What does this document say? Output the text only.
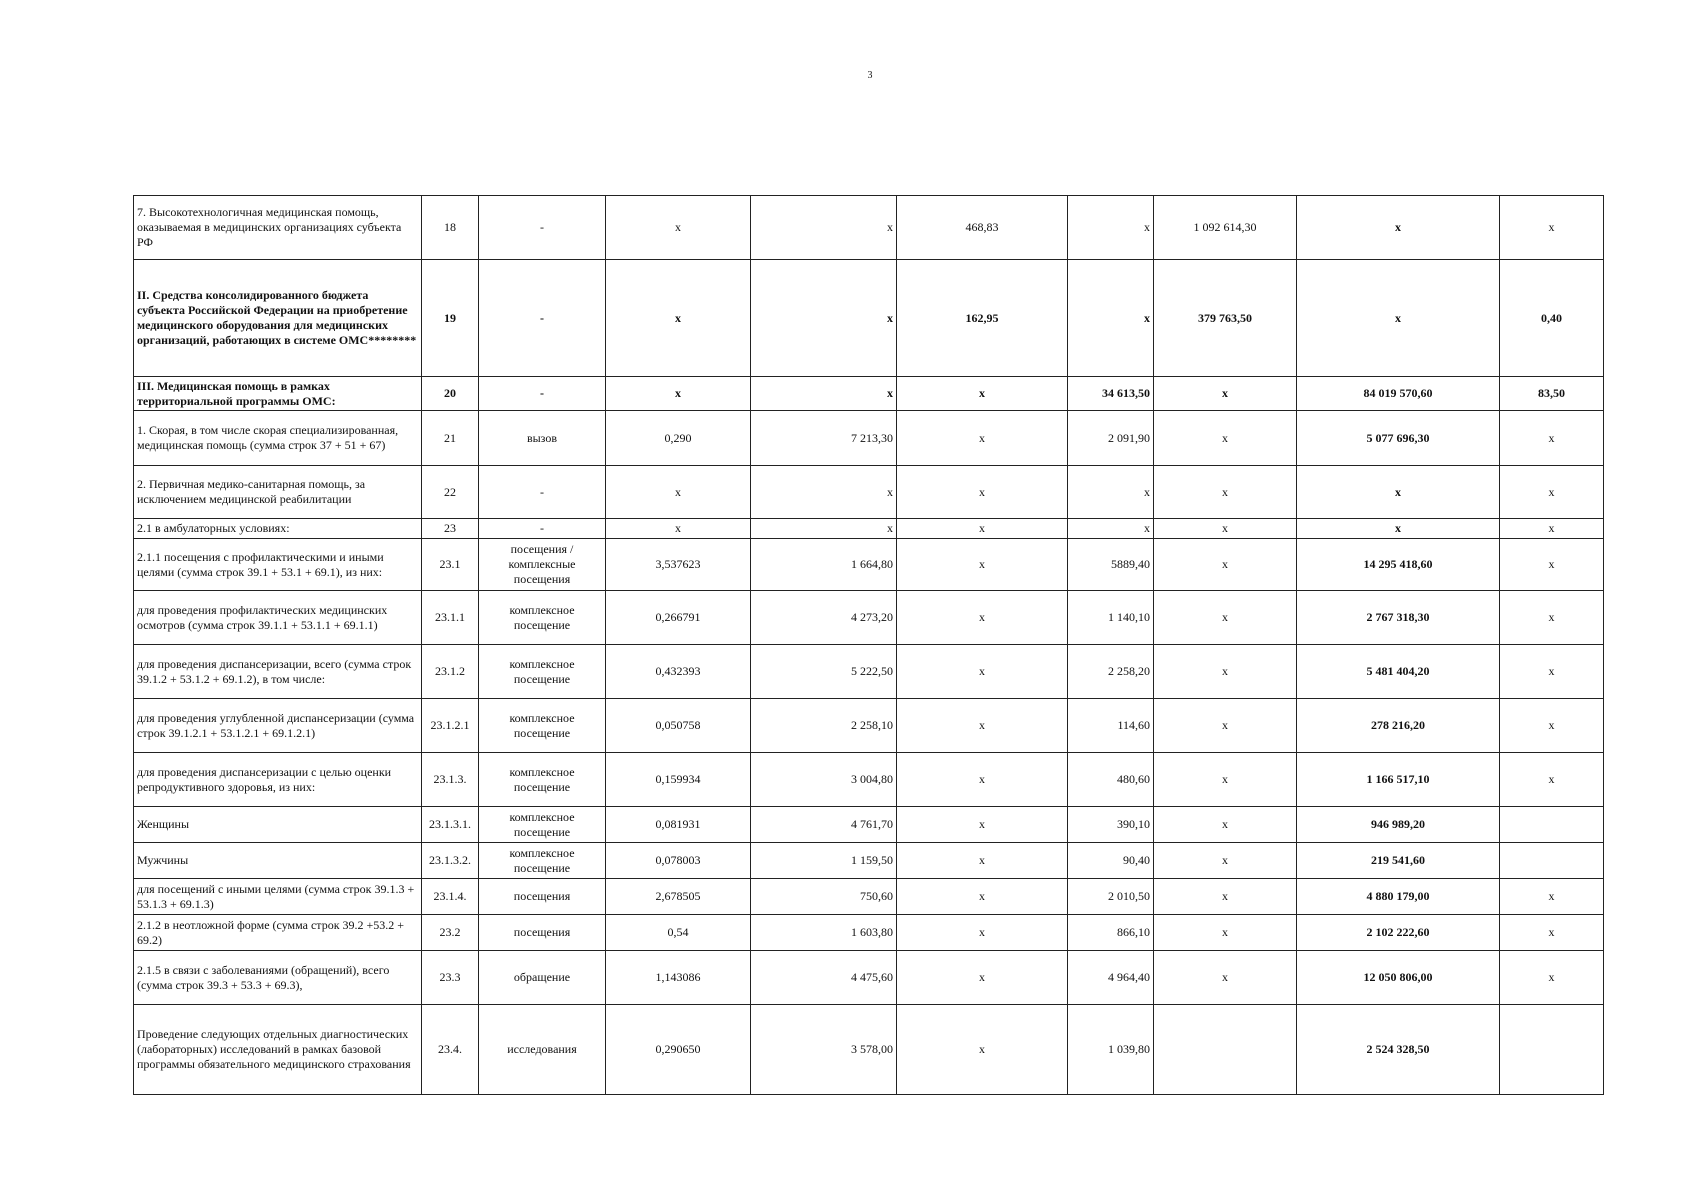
3
7. Высокотехнологичная медицинская помощь, оказываемая в медицинских организациях субъекта РФ	18	-	х	х	468,83	х	1 092 614,30	х	х
II. Средства консолидированного бюджета субъекта Российской Федерации на приобретение медицинского оборудования для медицинских организаций, работающих в системе ОМС********	19	-	х	х	162,95	х	379 763,50	х	0,40
III. Медицинская помощь в рамках территориальной программы ОМС:	20	-	х	х	х	34 613,50	х	84 019 570,60	83,50
1. Скорая, в том числе скорая специализированная, медицинская помощь (сумма строк 37 + 51 + 67)	21	вызов	0,290	7 213,30	х	2 091,90	х	5 077 696,30	х
2. Первичная медико-санитарная помощь, за исключением медицинской реабилитации	22	-	х	х	х	х	х	х	х
2.1 в амбулаторных условиях:	23	-	х	х	х	х	х	х	х
2.1.1 посещения с профилактическими и иными целями (сумма строк 39.1 + 53.1 + 69.1), из них:	23.1	посещения / комплексные посещения	3,537623	1 664,80	х	5889,40	х	14 295 418,60	х
для проведения профилактических медицинских осмотров (сумма строк 39.1.1 + 53.1.1 + 69.1.1)	23.1.1	комплексное посещение	0,266791	4 273,20	х	1 140,10	х	2 767 318,30	х
для проведения диспансеризации, всего (сумма строк 39.1.2 + 53.1.2 + 69.1.2), в том числе:	23.1.2	комплексное посещение	0,432393	5 222,50	х	2 258,20	х	5 481 404,20	х
для проведения углубленной диспансеризации (сумма строк 39.1.2.1 + 53.1.2.1 + 69.1.2.1)	23.1.2.1	комплексное посещение	0,050758	2 258,10	х	114,60	х	278 216,20	х
для проведения диспансеризации с целью оценки репродуктивного здоровья, из них:	23.1.3.	комплексное посещение	0,159934	3 004,80	х	480,60	х	1 166 517,10	х
Женщины	23.1.3.1.	комплексное посещение	0,081931	4 761,70	х	390,10	х	946 989,20	
Мужчины	23.1.3.2.	комплексное посещение	0,078003	1 159,50	х	90,40	х	219 541,60	
для посещений с иными целями (сумма строк 39.1.3 + 53.1.3 + 69.1.3)	23.1.4.	посещения	2,678505	750,60	х	2 010,50	х	4 880 179,00	х
2.1.2 в неотложной форме (сумма строк 39.2 +53.2 + 69.2)	23.2	посещения	0,54	1 603,80	х	866,10	х	2 102 222,60	х
2.1.5 в связи с заболеваниями (обращений), всего (сумма строк 39.3 + 53.3 + 69.3),	23.3	обращение	1,143086	4 475,60	х	4 964,40	х	12 050 806,00	х
Проведение следующих отдельных диагностических (лабораторных) исследований в рамках базовой программы обязательного медицинского страхования	23.4.	исследования	0,290650	3 578,00	х	1 039,80		2 524 328,50	
